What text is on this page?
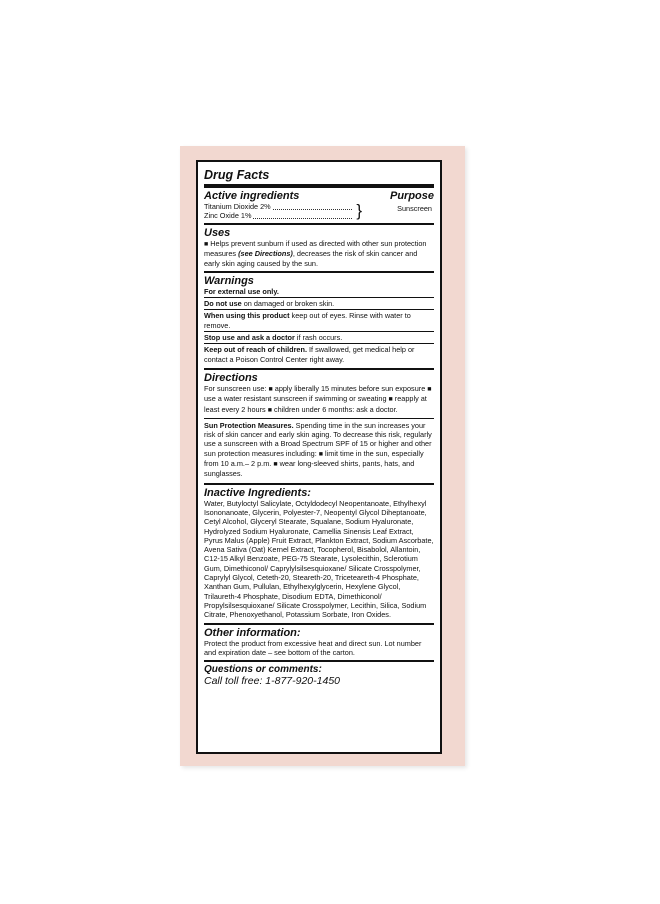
Drug Facts
Active ingredients	Purpose
Titanium Dioxide 2%
Zinc Oxide 1%	}	Sunscreen
Uses
■ Helps prevent sunburn if used as directed with other sun protection measures (see Directions), decreases the risk of skin cancer and early skin aging caused by the sun.
Warnings
For external use only.
Do not use on damaged or broken skin.
When using this product keep out of eyes. Rinse with water to remove.
Stop use and ask a doctor if rash occurs.
Keep out of reach of children. If swallowed, get medical help or contact a Poison Control Center right away.
Directions
For sunscreen use: ■ apply liberally 15 minutes before sun exposure ■ use a water resistant sunscreen if swimming or sweating ■ reapply at least every 2 hours ■ children under 6 months: ask a doctor.
Sun Protection Measures. Spending time in the sun increases your risk of skin cancer and early skin aging. To decrease this risk, regularly use a sunscreen with a Broad Spectrum SPF of 15 or higher and other sun protection measures including: ■ limit time in the sun, especially from 10 a.m.– 2 p.m. ■ wear long-sleeved shirts, pants, hats, and sunglasses.
Inactive Ingredients:
Water, Butyloctyl Salicylate, Octyldodecyl Neopentanoate, Ethylhexyl Isononanoate, Glycerin, Polyester-7, Neopentyl Glycol Diheptanoate, Cetyl Alcohol, Glyceryl Stearate, Squalane, Sodium Hyaluronate, Hydrolyzed Sodium Hyaluronate, Camellia Sinensis Leaf Extract, Pyrus Malus (Apple) Fruit Extract, Plankton Extract, Sodium Ascorbate, Avena Sativa (Oat) Kernel Extract, Tocopherol, Bisabolol, Allantoin, C12-15 Alkyl Benzoate, PEG-75 Stearate, Lysolecithin, Sclerotium Gum, Dimethiconol/ Caprylylsilsesquioxane/ Silicate Crosspolymer, Caprylyl Glycol, Ceteth-20, Steareth-20, Triceteareth-4 Phosphate, Xanthan Gum, Pullulan, Ethylhexylglycerin, Hexylene Glycol, Trilaureth-4 Phosphate, Disodium EDTA, Dimethiconol/ Propylsilsesquioxane/ Silicate Crosspolymer, Lecithin, Silica, Sodium Citrate, Phenoxyethanol, Potassium Sorbate, Iron Oxides.
Other information:
Protect the product from excessive heat and direct sun. Lot number and expiration date – see bottom of the carton.
Questions or comments:
Call toll free: 1-877-920-1450
